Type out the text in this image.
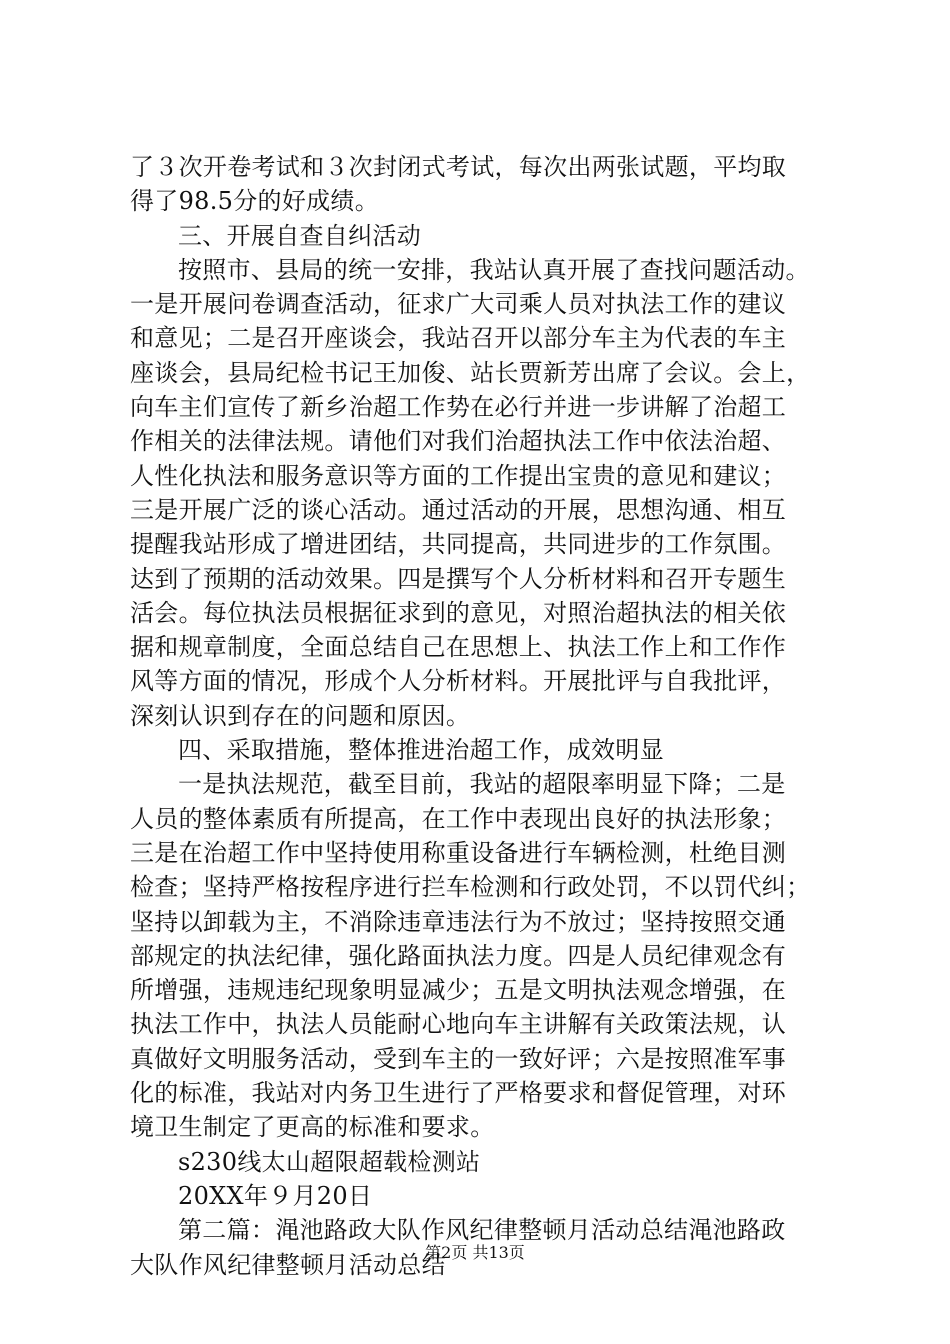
了３次开卷考试和３次封闭式考试，每次出两张试题，平均取
得了98.5分的好成绩。
三、开展自查自纠活动
按照市、县局的统一安排，我站认真开展了查找问题活动。
一是开展问卷调查活动，征求广大司乘人员对执法工作的建议
和意见；二是召开座谈会，我站召开以部分车主为代表的车主
座谈会，县局纪检书记王加俊、站长贾新芳出席了会议。会上，
向车主们宣传了新乡治超工作势在必行并进一步讲解了治超工
作相关的法律法规。请他们对我们治超执法工作中依法治超、
人性化执法和服务意识等方面的工作提出宝贵的意见和建议；
三是开展广泛的谈心活动。通过活动的开展，思想沟通、相互
提醒我站形成了增进团结，共同提高，共同进步的工作氛围。
达到了预期的活动效果。四是撰写个人分析材料和召开专题生
活会。每位执法员根据征求到的意见，对照治超执法的相关依
据和规章制度，全面总结自己在思想上、执法工作上和工作作
风等方面的情况，形成个人分析材料。开展批评与自我批评，
深刻认识到存在的问题和原因。
四、采取措施，整体推进治超工作，成效明显
一是执法规范，截至目前，我站的超限率明显下降；二是
人员的整体素质有所提高，在工作中表现出良好的执法形象；
三是在治超工作中坚持使用称重设备进行车辆检测，杜绝目测
检查；坚持严格按程序进行拦车检测和行政处罚，不以罚代纠；
坚持以卸载为主，不消除违章违法行为不放过；坚持按照交通
部规定的执法纪律，强化路面执法力度。四是人员纪律观念有
所增强，违规违纪现象明显减少；五是文明执法观念增强，在
执法工作中，执法人员能耐心地向车主讲解有关政策法规，认
真做好文明服务活动，受到车主的一致好评；六是按照准军事
化的标准，我站对内务卫生进行了严格要求和督促管理，对环
境卫生制定了更高的标准和要求。
s230线太山超限超载检测站
20XX年９月20日
第二篇：渑池路政大队作风纪律整顿月活动总结渑池路政
大队作风纪律整顿月活动总结
第2页 共13页
